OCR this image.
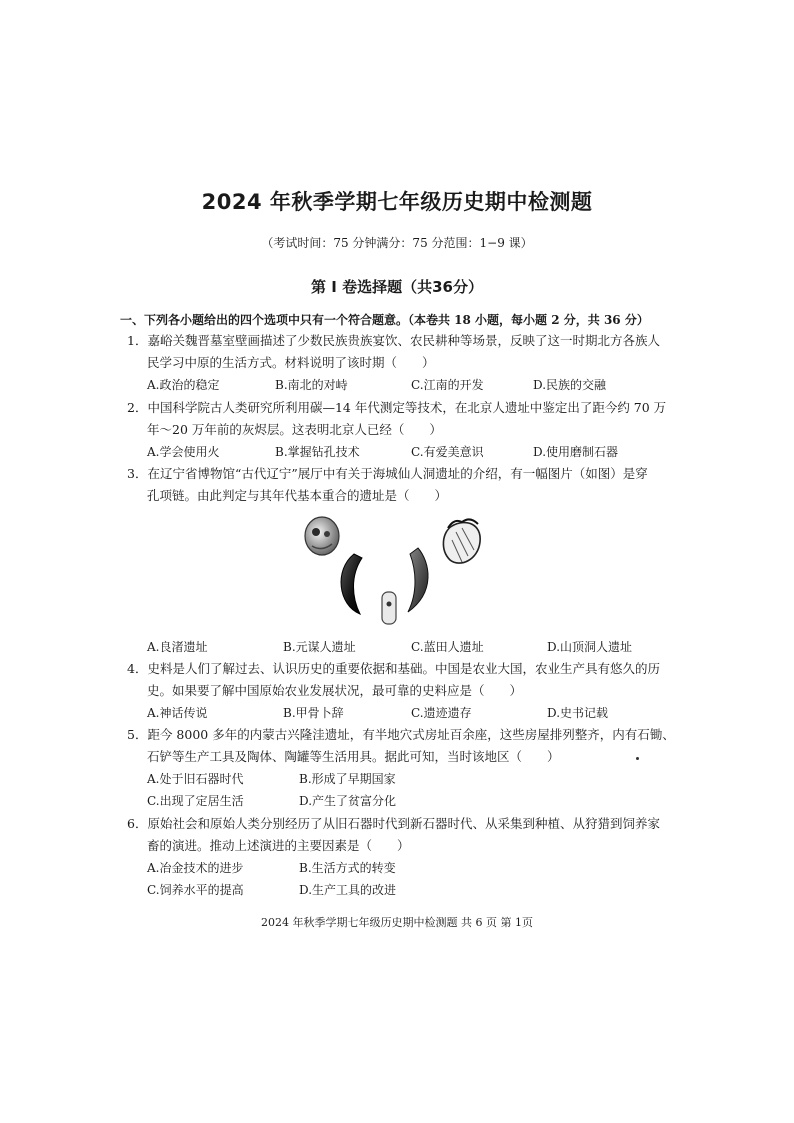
2024 年秋季学期七年级历史期中检测题
（考试时间：75 分钟满分：75 分范围：1−9 课）
第 I 卷选择题（共36分）
一、下列各小题给出的四个选项中只有一个符合题意。（本卷共 18 小题，每小题 2 分，共 36 分）
1．嘉峪关魏晋墓室壁画描述了少数民族贵族宴饮、农民耕种等场景，反映了这一时期北方各族人
民学习中原的生活方式。材料说明了该时期（　　）
A.政治的稳定	B.南北的对峙	C.江南的开发	D.民族的交融
2．中国科学院古人类研究所利用碳—14 年代测定等技术，在北京人遗址中鉴定出了距今约 70 万
年～20 万年前的灰烬层。这表明北京人已经（　　）
A.学会使用火	B.掌握钻孔技术	C.有爱美意识	D.使用磨制石器
3．在辽宁省博物馆“古代辽宁”展厅中有关于海城仙人洞遗址的介绍，有一幅图片（如图）是穿
孔项链。由此判定与其年代基本重合的遗址是（　　）
A.良渚遗址	B.元谋人遗址	C.蓝田人遗址	D.山顶洞人遗址
4．史料是人们了解过去、认识历史的重要依据和基础。中国是农业大国，农业生产具有悠久的历
史。如果要了解中国原始农业发展状况，最可靠的史料应是（　　）
A.神话传说	B.甲骨卜辞	C.遗迹遗存	D.史书记载
5．距今 8000 多年的内蒙古兴隆洼遗址，有半地穴式房址百余座，这些房屋排列整齐，内有石锄、
石铲等生产工具及陶体、陶罐等生活用具。据此可知，当时该地区（　　）
A.处于旧石器时代	B.形成了早期国家
C.出现了定居生活	D.产生了贫富分化
6．原始社会和原始人类分别经历了从旧石器时代到新石器时代、从采集到种植、从狩猎到饲养家
畜的演进。推动上述演进的主要因素是（　　）
A.冶金技术的进步	B.生活方式的转变
C.饲养水平的提高	D.生产工具的改进
2024 年秋季学期七年级历史期中检测题 共 6 页 第 1页
